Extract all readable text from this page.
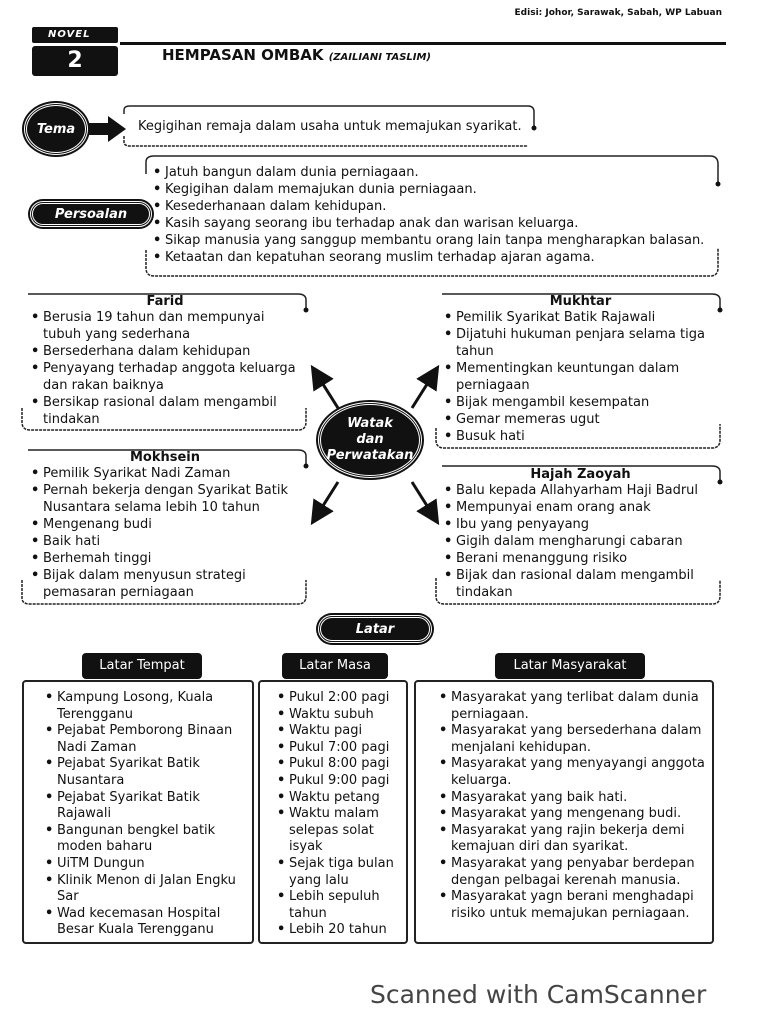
Edisi: Johor, Sarawak, Sabah, WP Labuan
NOVEL
2	HEMPASAN OMBAK (ZAILIANI TASLIM)
Tema	Kegigihan remaja dalam usaha untuk memajukan syarikat.
Persoalan
• Jatuh bangun dalam dunia perniagaan.
• Kegigihan dalam memajukan dunia perniagaan.
• Kesederhanaan dalam kehidupan.
• Kasih sayang seorang ibu terhadap anak dan warisan keluarga.
• Sikap manusia yang sanggup membantu orang lain tanpa mengharapkan balasan.
• Ketaatan dan kepatuhan seorang muslim terhadap ajaran agama.
Farid
• Berusia 19 tahun dan mempunyai tubuh yang sederhana
• Bersederhana dalam kehidupan
• Penyayang terhadap anggota keluarga dan rakan baiknya
• Bersikap rasional dalam mengambil tindakan
Mukhtar
• Pemilik Syarikat Batik Rajawali
• Dijatuhi hukuman penjara selama tiga tahun
• Mementingkan keuntungan dalam perniagaan
• Bijak mengambil kesempatan
• Gemar memeras ugut
• Busuk hati
Watak
dan
Perwatakan
Mokhsein
• Pemilik Syarikat Nadi Zaman
• Pernah bekerja dengan Syarikat Batik Nusantara selama lebih 10 tahun
• Mengenang budi
• Baik hati
• Berhemah tinggi
• Bijak dalam menyusun strategi pemasaran perniagaan
Hajah Zaoyah
• Balu kepada Allahyarham Haji Badrul
• Mempunyai enam orang anak
• Ibu yang penyayang
• Gigih dalam mengharungi cabaran
• Berani menanggung risiko
• Bijak dan rasional dalam mengambil tindakan
Latar
Latar Tempat	Latar Masa	Latar Masyarakat
• Kampung Losong, Kuala Terengganu
• Pejabat Pemborong Binaan Nadi Zaman
• Pejabat Syarikat Batik Nusantara
• Pejabat Syarikat Batik Rajawali
• Bangunan bengkel batik moden baharu
• UiTM Dungun
• Klinik Menon di Jalan Engku Sar
• Wad kecemasan Hospital Besar Kuala Terengganu
• Pukul 2:00 pagi
• Waktu subuh
• Waktu pagi
• Pukul 7:00 pagi
• Pukul 8:00 pagi
• Pukul 9:00 pagi
• Waktu petang
• Waktu malam selepas solat isyak
• Sejak tiga bulan yang lalu
• Lebih sepuluh tahun
• Lebih 20 tahun
• Masyarakat yang terlibat dalam dunia perniagaan.
• Masyarakat yang bersederhana dalam menjalani kehidupan.
• Masyarakat yang menyayangi anggota keluarga.
• Masyarakat yang baik hati.
• Masyarakat yang mengenang budi.
• Masyarakat yang rajin bekerja demi kemajuan diri dan syarikat.
• Masyarakat yang penyabar berdepan dengan pelbagai kerenah manusia.
• Masyarakat yagn berani menghadapi risiko untuk memajukan perniagaan.
Scanned with CamScanner
